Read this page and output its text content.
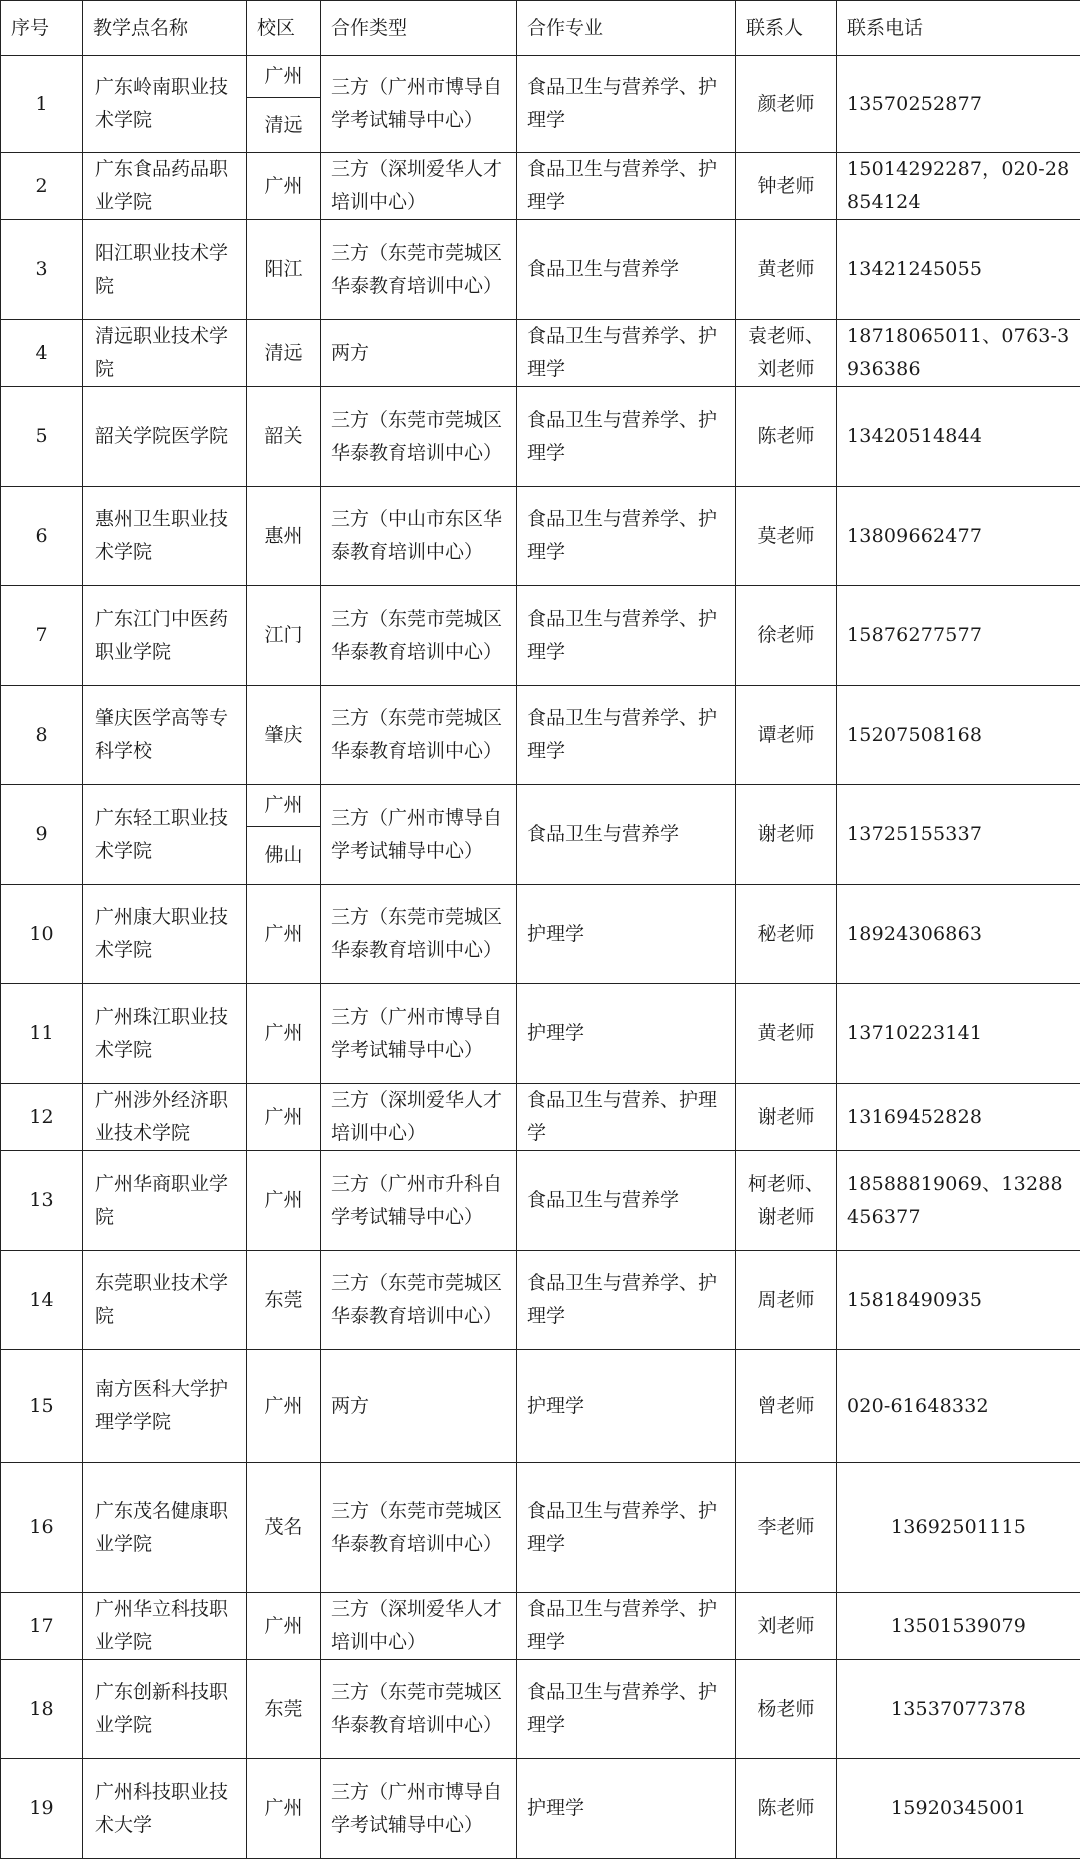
序号	教学点名称	校区	合作类型	合作专业	联系人	联系电话
1	广东岭南职业技术学院	广州	三方（广州市博导自学考试辅导中心）	食品卫生与营养学、护理学	颜老师	13570252877
		清远				
2	广东食品药品职业学院	广州	三方（深圳爱华人才培训中心）	食品卫生与营养学、护理学	钟老师	15014292287，020-28854124
3	阳江职业技术学院	阳江	三方（东莞市莞城区华泰教育培训中心）	食品卫生与营养学	黄老师	13421245055
4	清远职业技术学院	清远	两方	食品卫生与营养学、护理学	袁老师、刘老师	18718065011、0763-3936386
5	韶关学院医学院	韶关	三方（东莞市莞城区华泰教育培训中心）	食品卫生与营养学、护理学	陈老师	13420514844
6	惠州卫生职业技术学院	惠州	三方（中山市东区华泰教育培训中心）	食品卫生与营养学、护理学	莫老师	13809662477
7	广东江门中医药职业学院	江门	三方（东莞市莞城区华泰教育培训中心）	食品卫生与营养学、护理学	徐老师	15876277577
8	肇庆医学高等专科学校	肇庆	三方（东莞市莞城区华泰教育培训中心）	食品卫生与营养学、护理学	谭老师	15207508168
9	广东轻工职业技术学院	广州	三方（广州市博导自学考试辅导中心）	食品卫生与营养学	谢老师	13725155337
		佛山				
10	广州康大职业技术学院	广州	三方（东莞市莞城区华泰教育培训中心）	护理学	秘老师	18924306863
11	广州珠江职业技术学院	广州	三方（广州市博导自学考试辅导中心）	护理学	黄老师	13710223141
12	广州涉外经济职业技术学院	广州	三方（深圳爱华人才培训中心）	食品卫生与营养、护理学	谢老师	13169452828
13	广州华商职业学院	广州	三方（广州市升科自学考试辅导中心）	食品卫生与营养学	柯老师、谢老师	18588819069、13288456377
14	东莞职业技术学院	东莞	三方（东莞市莞城区华泰教育培训中心）	食品卫生与营养学、护理学	周老师	15818490935
15	南方医科大学护理学学院	广州	两方	护理学	曾老师	020-61648332
16	广东茂名健康职业学院	茂名	三方（东莞市莞城区华泰教育培训中心）	食品卫生与营养学、护理学	李老师	13692501115
17	广州华立科技职业学院	广州	三方（深圳爱华人才培训中心）	食品卫生与营养学、护理学	刘老师	13501539079
18	广东创新科技职业学院	东莞	三方（东莞市莞城区华泰教育培训中心）	食品卫生与营养学、护理学	杨老师	13537077378
19	广州科技职业技术大学	广州	三方（广州市博导自学考试辅导中心）	护理学	陈老师	15920345001
